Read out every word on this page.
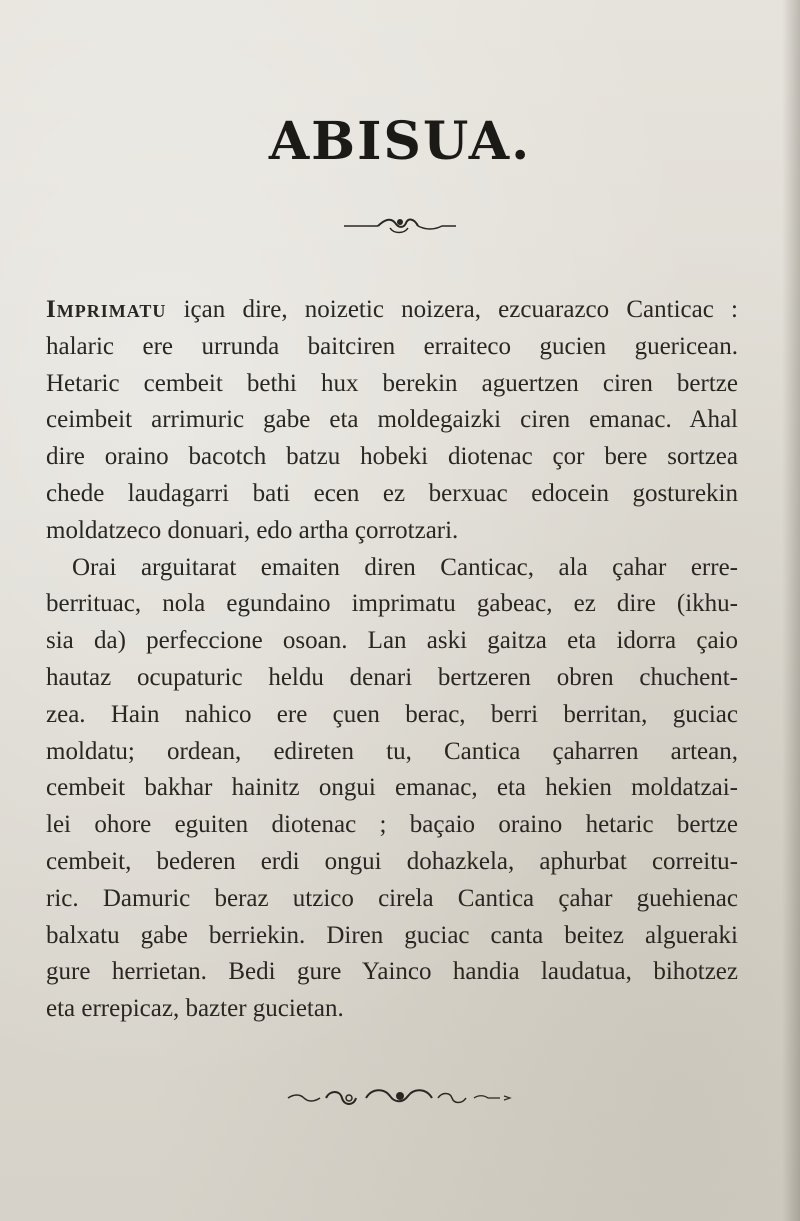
ABISUA.
Imprimatu içan dire, noizetic noizera, ezcuarazco Canticac :
halaric ere urrunda baitciren erraiteco gucien guericean.
Hetaric cembeit bethi hux berekin aguertzen ciren bertze
ceimbeit arrimuric gabe eta moldegaizki ciren emanac. Ahal
dire oraino bacotch batzu hobeki diotenac çor bere sortzea
chede laudagarri bati ecen ez berxuac edocein gosturekin
moldatzeco donuari, edo artha çorrotzari.
Orai arguitarat emaiten diren Canticac, ala çahar erre-
berrituac, nola egundaino imprimatu gabeac, ez dire (ikhu-
sia da) perfeccione osoan. Lan aski gaitza eta idorra çaio
hautaz ocupaturic heldu denari bertzeren obren chuchent-
zea. Hain nahico ere çuen berac, berri berritan, guciac
moldatu; ordean, edireten tu, Cantica çaharren artean,
cembeit bakhar hainitz ongui emanac, eta hekien moldatzai-
lei ohore eguiten diotenac ; baçaio oraino hetaric bertze
cembeit, bederen erdi ongui dohazkela, aphurbat correitu-
ric. Damuric beraz utzico cirela Cantica çahar guehienac
balxatu gabe berriekin. Diren guciac canta beitez algueraki
gure herrietan. Bedi gure Yainco handia laudatua, bihotzez
eta errepicaz, bazter gucietan.
